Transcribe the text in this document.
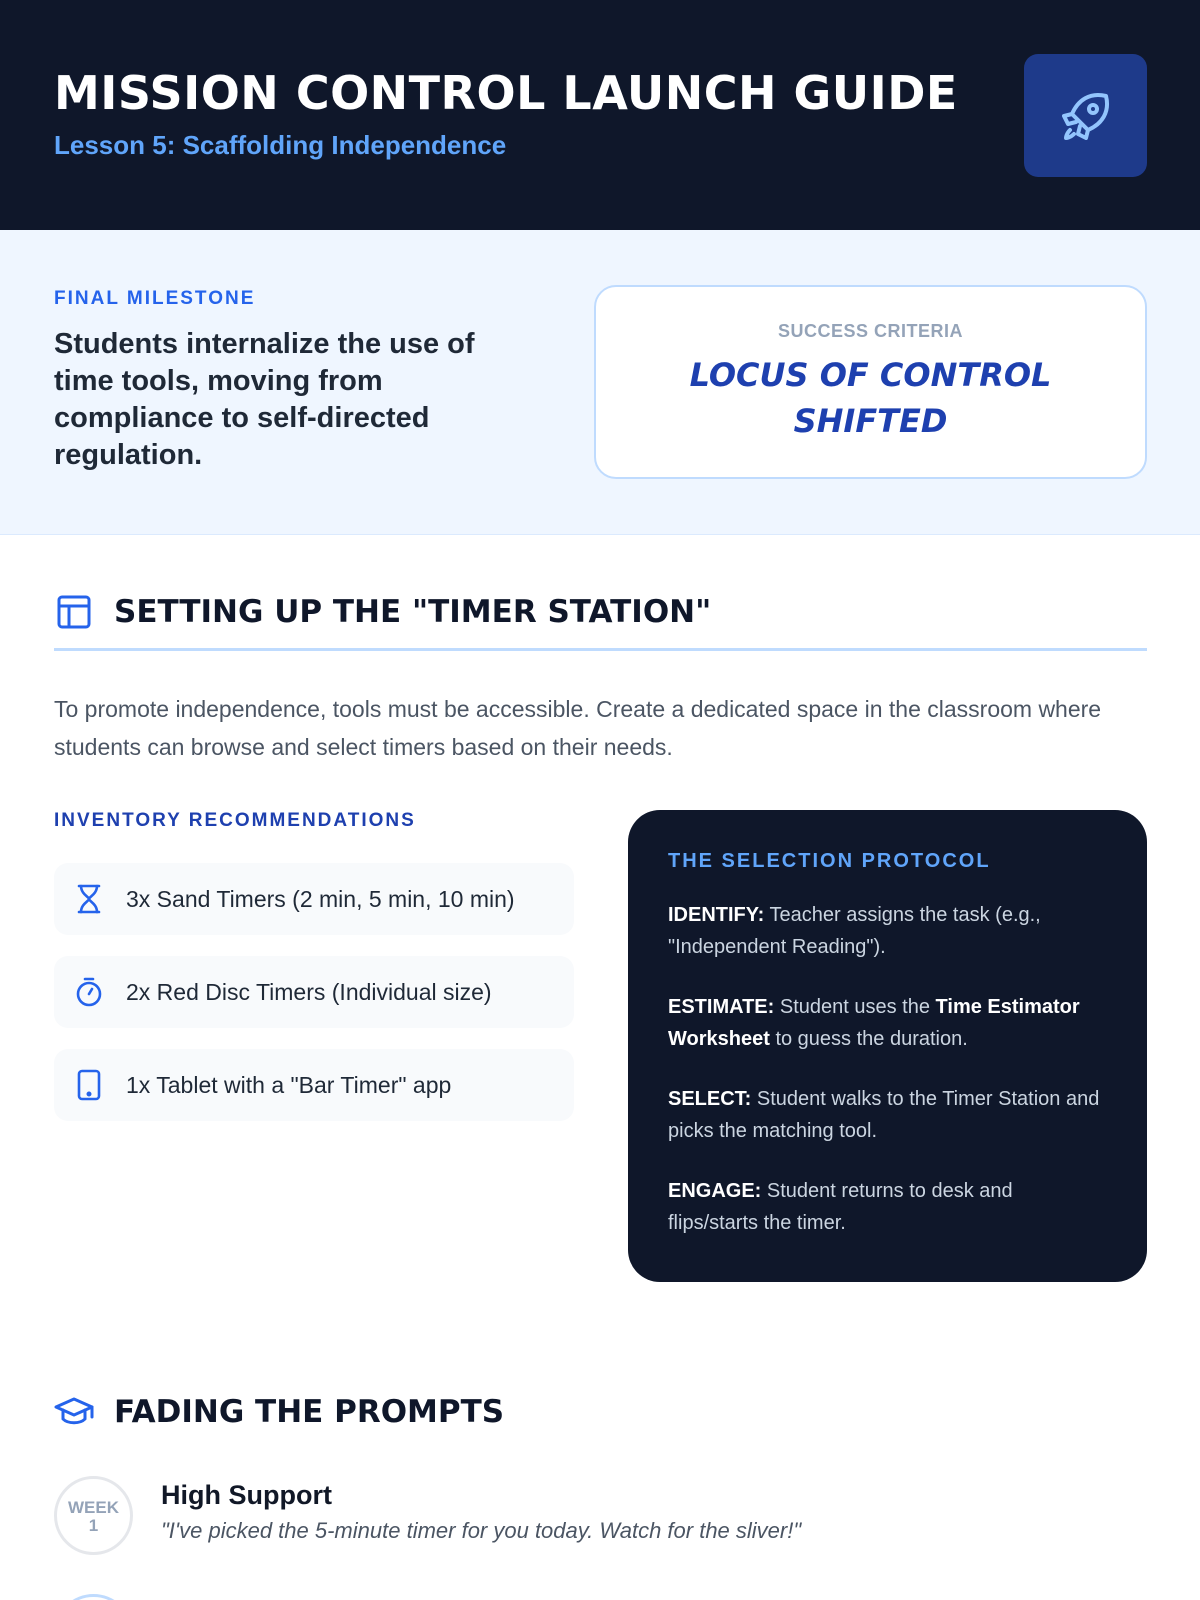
MISSION CONTROL LAUNCH GUIDE
Lesson 5: Scaffolding Independence
FINAL MILESTONE
Students internalize the use of time tools, moving from compliance to self-directed regulation.
SUCCESS CRITERIA
LOCUS OF CONTROL SHIFTED
SETTING UP THE "TIMER STATION"
To promote independence, tools must be accessible. Create a dedicated space in the classroom where students can browse and select timers based on their needs.
INVENTORY RECOMMENDATIONS
3x Sand Timers (2 min, 5 min, 10 min)
2x Red Disc Timers (Individual size)
1x Tablet with a "Bar Timer" app
THE SELECTION PROTOCOL
IDENTIFY: Teacher assigns the task (e.g., "Independent Reading").
ESTIMATE: Student uses the Time Estimator Worksheet to guess the duration.
SELECT: Student walks to the Timer Station and picks the matching tool.
ENGAGE: Student returns to desk and flips/starts the timer.
FADING THE PROMPTS
WEEK
1
High Support
"I've picked the 5-minute timer for you today. Watch for the sliver!"
